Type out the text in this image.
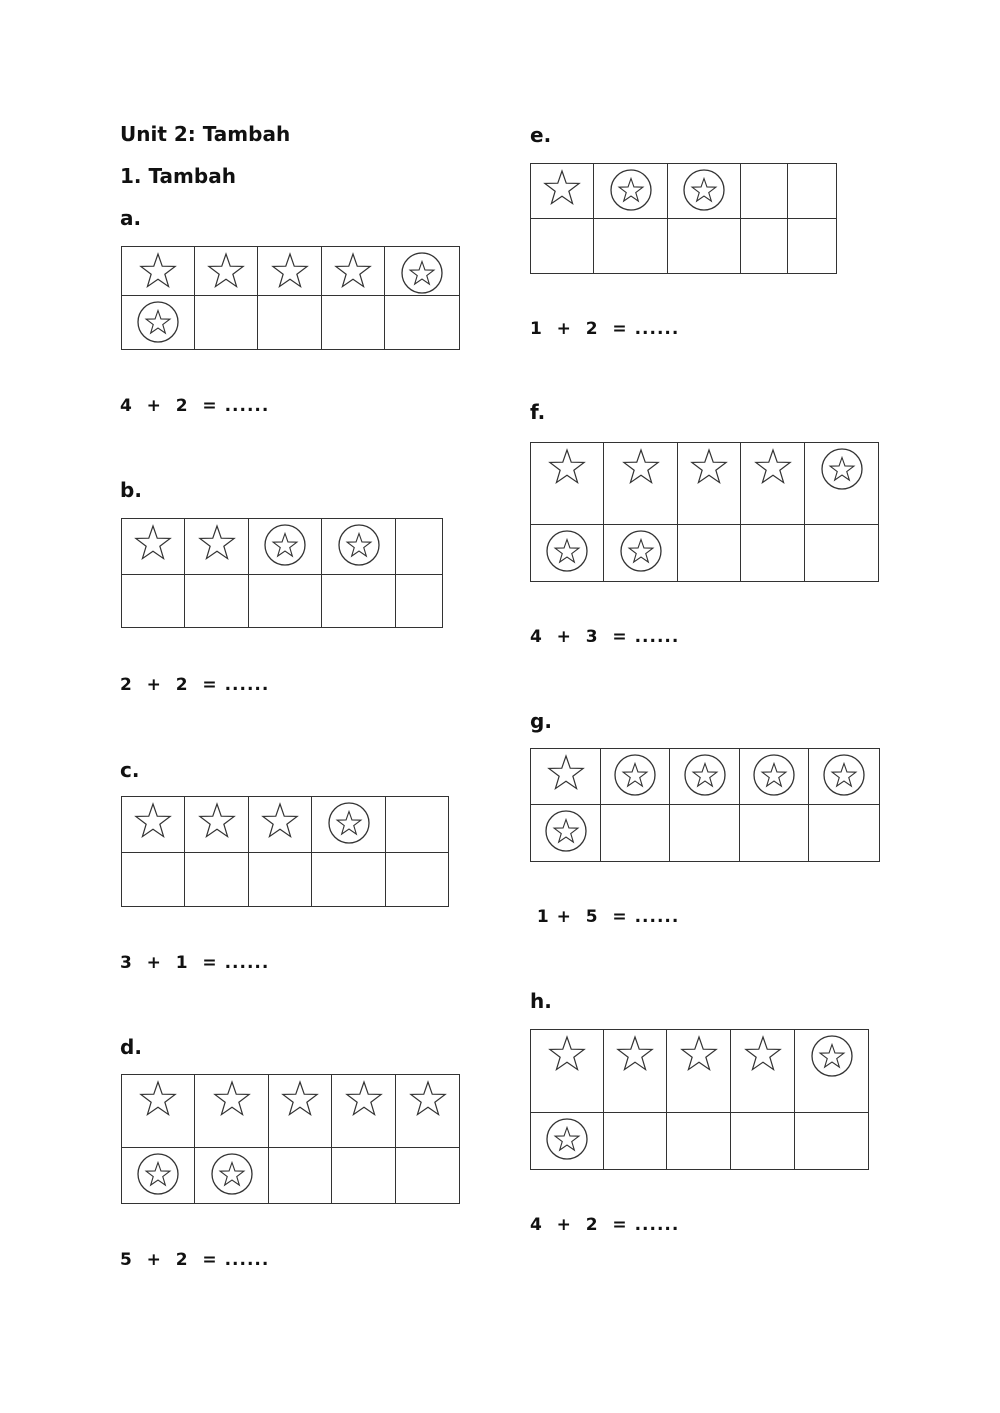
Unit 2: Tambah
1. Tambah
a.

4  +  2  = ......
b.

2  +  2  = ......
c.

3  +  1  = ......
d.

5  +  2  = ......
e.

1  +  2  = ......
f.

4  +  3  = ......
g.

1 +  5  = ......
h.

4  +  2  = ......
